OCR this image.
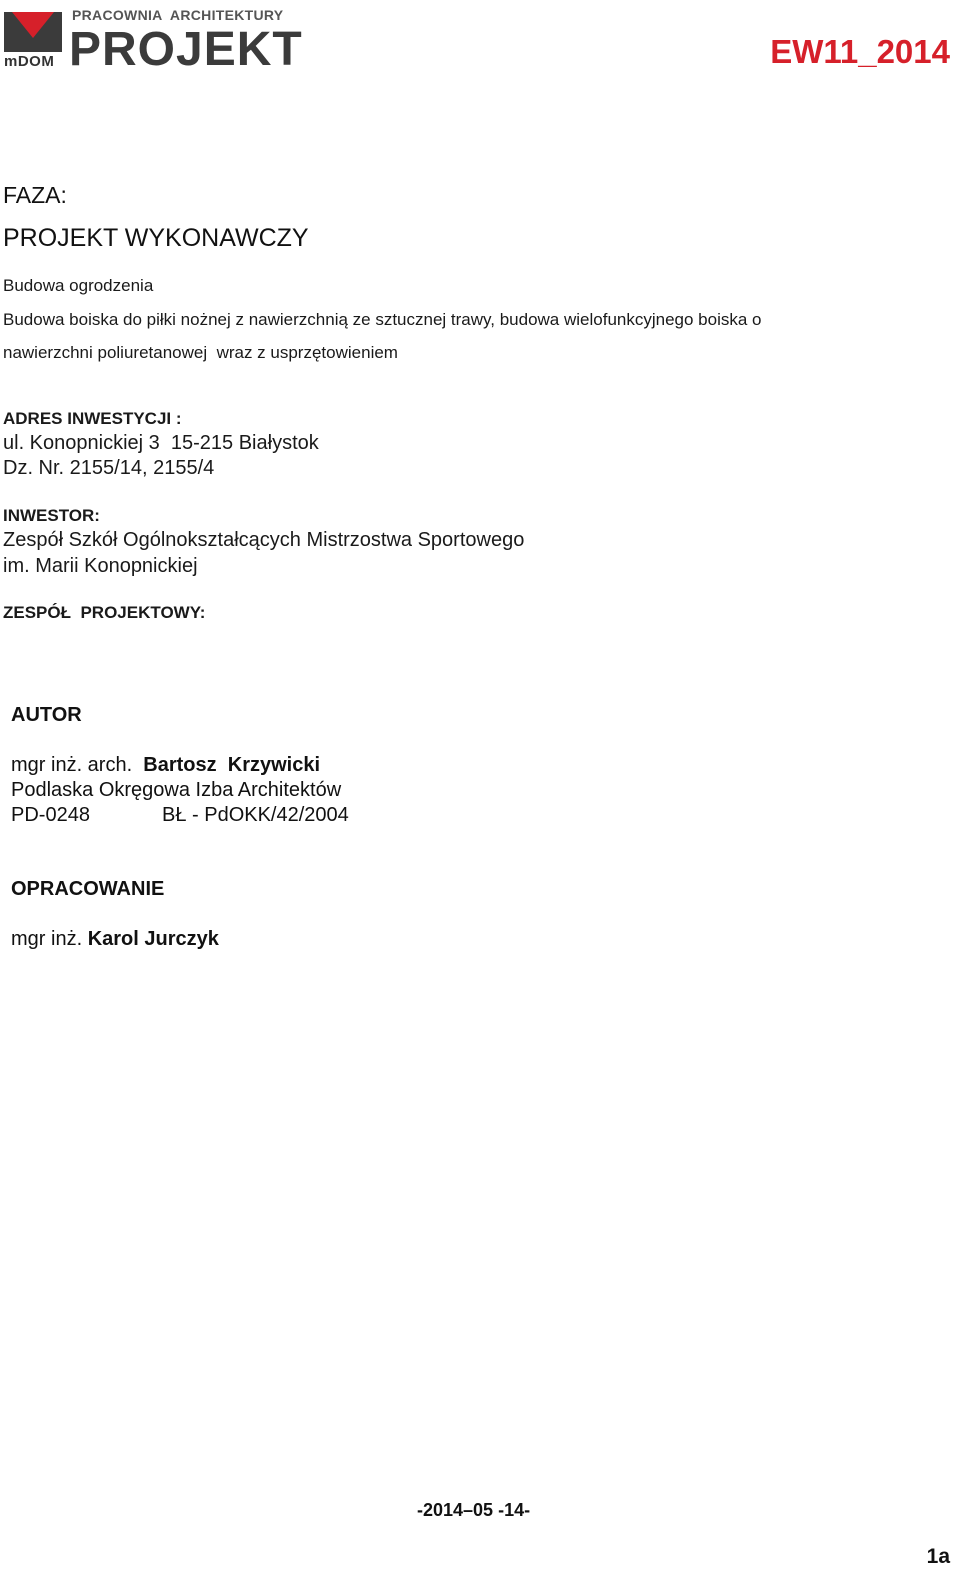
mDOM
PRACOWNIA  ARCHITEKTURY
PROJEKT	EW11_2014
FAZA:
PROJEKT WYKONAWCZY
Budowa ogrodzenia
Budowa boiska do piłki nożnej z nawierzchnią ze sztucznej trawy, budowa wielofunkcyjnego boiska o
nawierzchni poliuretanowej  wraz z usprzętowieniem
ADRES INWESTYCJI :
ul. Konopnickiej 3  15-215 Białystok
Dz. Nr. 2155/14, 2155/4
INWESTOR:
Zespół Szkół Ogólnokształcących Mistrzostwa Sportowego
im. Marii Konopnickiej
ZESPÓŁ  PROJEKTOWY:
AUTOR
mgr inż. arch. Bartosz  Krzywicki
Podlaska Okręgowa Izba Architektów
PD-0248	BŁ - PdOKK/42/2004
OPRACOWANIE
mgr inż. Karol Jurczyk
-2014–05 -14-
1a
